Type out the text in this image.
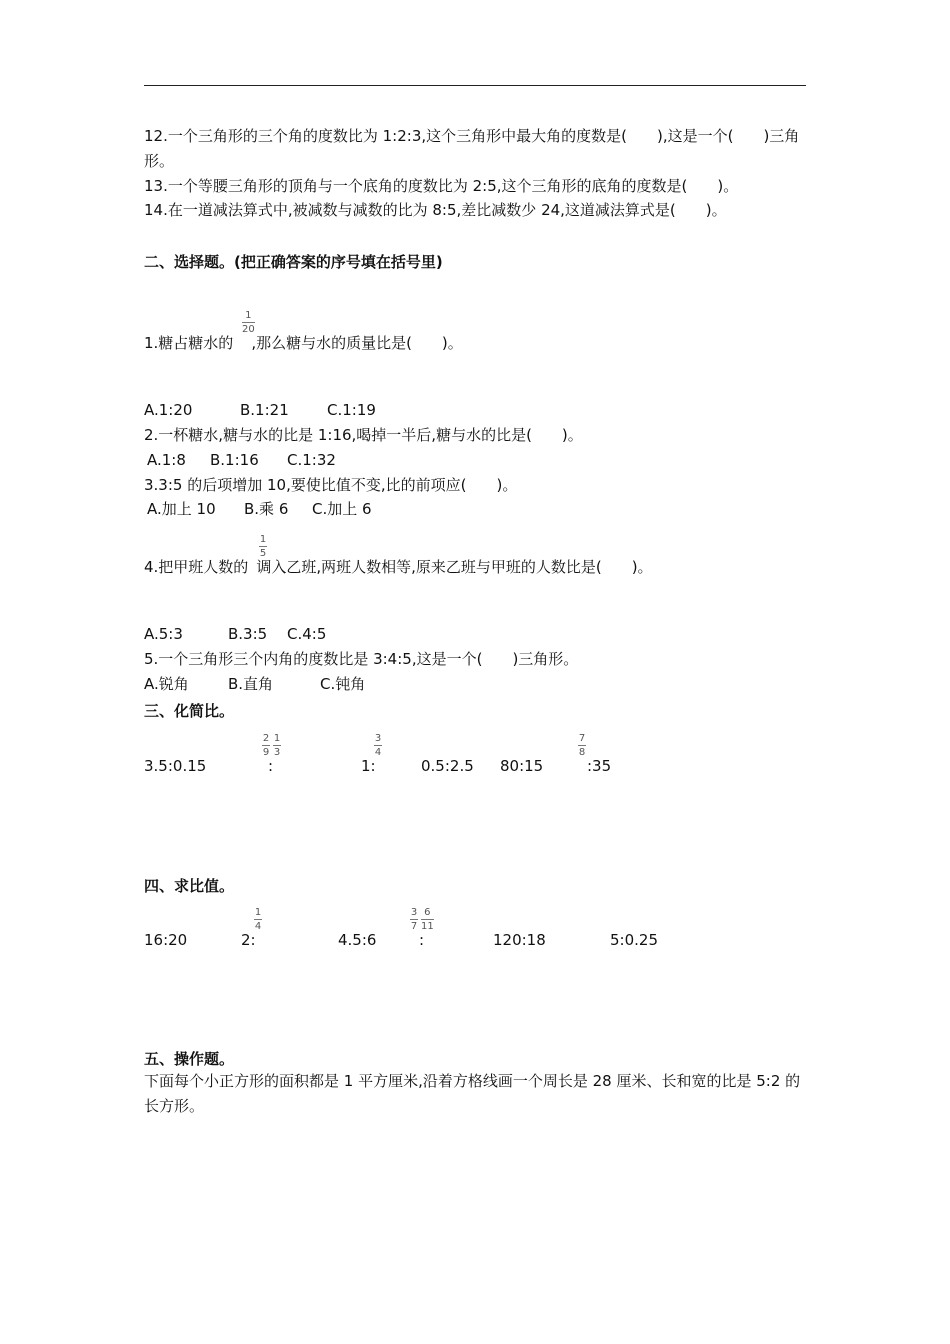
12.一个三角形的三个角的度数比为 1:2:3,这个三角形中最大角的度数是(　　),这是一个(　　)三角形。
13.一个等腰三角形的顶角与一个底角的度数比为 2:5,这个三角形的底角的度数是(　　)。
14.在一道减法算式中,被减数与减数的比为 8:5,差比减数少 24,这道减法算式是(　　)。
二、选择题。(把正确答案的序号填在括号里)
1.糖占糖水的 ,那么糖与水的质量比是(　　)。
1
20
A.1:20	B.1:21	C.1:19
2.一杯糖水,糖与水的比是 1:16,喝掉一半后,糖与水的比是(　　)。
A.1:8 B.1:16 C.1:32
3.3:5 的后项增加 10,要使比值不变,比的前项应(　　)。
A.加上 10 B.乘 6 C.加上 6
4.把甲班人数的 调入乙班,两班人数相等,原来乙班与甲班的人数比是(　　)。
1
5
A.5:3	B.3:5 C.4:5
5.一个三角形三个内角的度数比是 3:4:5,这是一个(　　)三角形。
A.锐角	B.直角	C.钝角
三、化简比。
3.5:0.15
$\frac{2}{9} \frac{1}{3}$
:	1:
3
4
0.5:2.5 80:15
7
8
:35
四、求比值。
16:20	2:
1
4
4.5:6
$\frac{3}{7} \frac{6}{11}$
:	120:18	5:0.25
五、操作题。
下面每个小正方形的面积都是 1 平方厘米,沿着方格线画一个周长是 28 厘米、长和宽的比是 5:2 的长方形。
